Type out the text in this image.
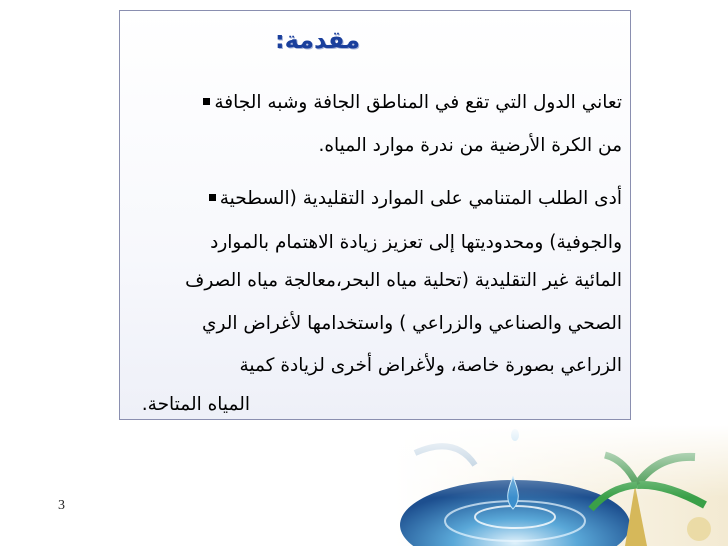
مقدمة:
تعاني الدول التي تقع في المناطق الجافة وشبه الجافة
من الكرة الأرضية من ندرة موارد المياه.
أدى الطلب المتنامي على الموارد التقليدية (السطحية
والجوفية) ومحدوديتها إلى تعزيز زيادة الاهتمام بالموارد
المائية غير التقليدية (تحلية مياه البحر،معالجة مياه الصرف
الصحي والصناعي والزراعي ) واستخدامها لأغراض الري
الزراعي بصورة خاصة، ولأغراض أخرى لزيادة كمية
المياه المتاحة.
3
